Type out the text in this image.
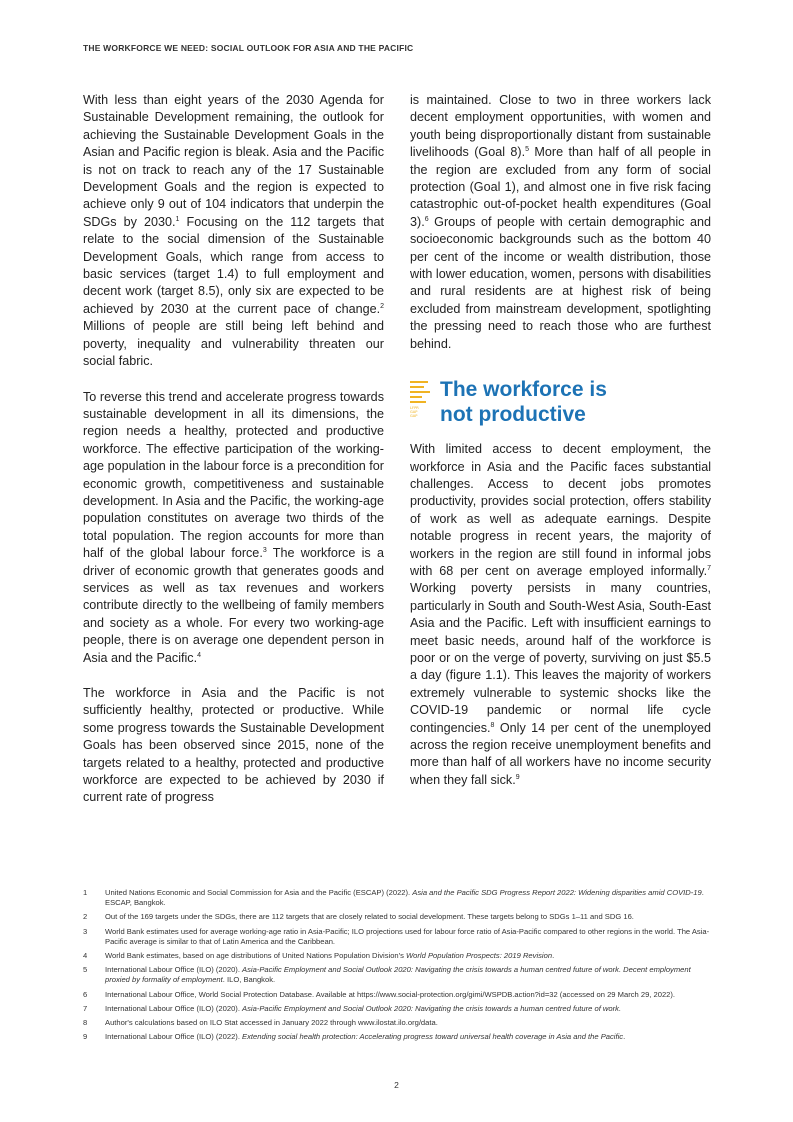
THE WORKFORCE WE NEED: SOCIAL OUTLOOK FOR ASIA AND THE PACIFIC

With less than eight years of the 2030 Agenda for Sustainable Development remaining, the outlook for achieving the Sustainable Development Goals in the Asian and Pacific region is bleak. Asia and the Pacific is not on track to reach any of the 17 Sustainable Development Goals and the region is expected to achieve only 9 out of 104 indicators that underpin the SDGs by 2030.$^1$ Focusing on the 112 targets that relate to the social dimension of the Sustainable Development Goals, which range from access to basic services (target 1.4) to full employment and decent work (target 8.5), only six are expected to be achieved by 2030 at the current pace of change.$^2$ Millions of people are still being left behind and poverty, inequality and vulnerability threaten our social fabric.

To reverse this trend and accelerate progress towards sustainable development in all its dimensions, the region needs a healthy, protected and productive workforce. The effective participation of the working-age population in the labour force is a precondition for economic growth, competitiveness and sustainable development. In Asia and the Pacific, the working-age population constitutes on average two thirds of the total population. The region accounts for more than half of the global labour force.$^3$ The workforce is a driver of economic growth that generates goods and services as well as tax revenues and workers contribute directly to the wellbeing of family members and society as a whole. For every two working-age people, there is on average one dependent person in Asia and the Pacific.$^4$

The workforce in Asia and the Pacific is not sufficiently healthy, protected or productive. While some progress towards the Sustainable Development Goals has been observed since 2015, none of the targets related to a healthy, protected and productive workforce are expected to be achieved by 2030 if current rate of progress

is maintained. Close to two in three workers lack decent employment opportunities, with women and youth being disproportionally distant from sustainable livelihoods (Goal 8).$^5$ More than half of all people in the region are excluded from any form of social protection (Goal 1), and almost one in five risk facing catastrophic out-of-pocket health expenditures (Goal 3).$^6$ Groups of people with certain demographic and socioeconomic backgrounds such as the bottom 40 per cent of the income or wealth distribution, those with lower education, women, persons with disabilities and rural residents are at highest risk of being excluded from mainstream development, spotlighting the pressing need to reach those who are furthest behind.

LFPR
GAP
GAP
The workforce is
not productive

With limited access to decent employment, the workforce in Asia and the Pacific faces substantial challenges. Access to decent jobs promotes productivity, provides social protection, offers stability of work as well as adequate earnings. Despite notable progress in recent years, the majority of workers in the region are still found in informal jobs with 68 per cent on average employed informally.$^7$ Working poverty persists in many countries, particularly in South and South-West Asia, South-East Asia and the Pacific. Left with insufficient earnings to meet basic needs, around half of the workforce is poor or on the verge of poverty, surviving on just $5.5 a day (figure 1.1). This leaves the majority of workers extremely vulnerable to systemic shocks like the COVID-19 pandemic or normal life cycle contingencies.$^8$ Only 14 per cent of the unemployed across the region receive unemployment benefits and more than half of all workers have no income security when they fall sick.$^9$

1	United Nations Economic and Social Commission for Asia and the Pacific (ESCAP) (2022). Asia and the Pacific SDG Progress Report 2022: Widening disparities amid COVID-19. ESCAP, Bangkok.
2	Out of the 169 targets under the SDGs, there are 112 targets that are closely related to social development. These targets belong to SDGs 1–11 and SDG 16.
3	World Bank estimates used for average working-age ratio in Asia-Pacific; ILO projections used for labour force ratio of Asia-Pacific compared to other regions in the world. The Asia-Pacific average is similar to that of Latin America and the Caribbean.
4	World Bank estimates, based on age distributions of United Nations Population Division's World Population Prospects: 2019 Revision.
5	International Labour Office (ILO) (2020). Asia-Pacific Employment and Social Outlook 2020: Navigating the crisis towards a human centred future of work. Decent employment proxied by formality of employment. ILO, Bangkok.
6	International Labour Office, World Social Protection Database. Available at https://www.social-protection.org/gimi/WSPDB.action?id=32 (accessed on 29 March 29, 2022).
7	International Labour Office (ILO) (2020). Asia-Pacific Employment and Social Outlook 2020: Navigating the crisis towards a human centred future of work.
8	Author's calculations based on ILO Stat accessed in January 2022 through www.ilostat.ilo.org/data.
9	International Labour Office (ILO) (2022). Extending social health protection: Accelerating progress toward universal health coverage in Asia and the Pacific.
2
